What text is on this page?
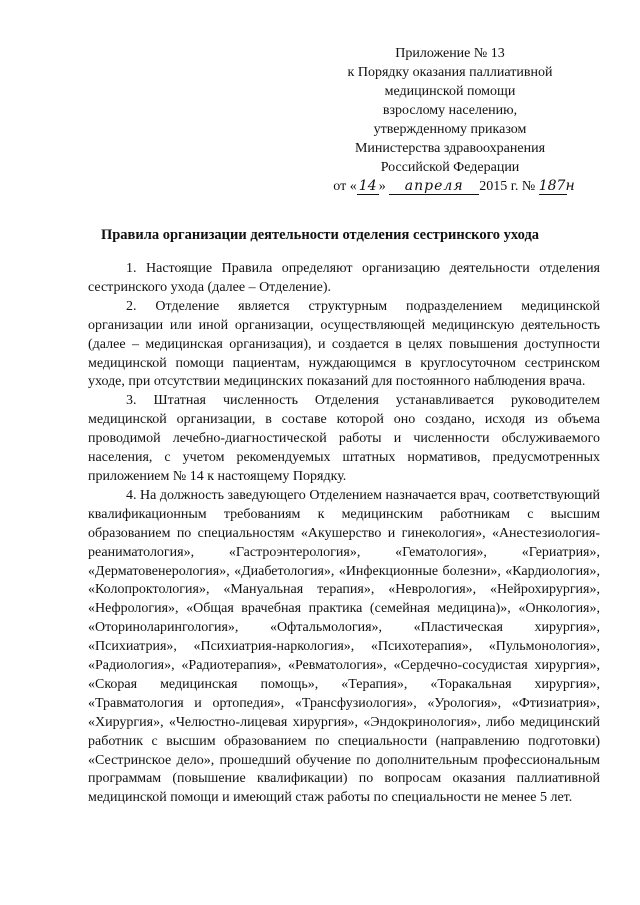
Приложение № 13
к Порядку оказания паллиативной
медицинской помощи
взрослому населению,
утвержденному приказом
Министерства здравоохранения
Российской Федерации
от « 14 » апреля 2015 г. № 187н
Правила организации деятельности отделения сестринского ухода

1. Настоящие Правила определяют организацию деятельности отделения сестринского ухода (далее – Отделение).

2. Отделение является структурным подразделением медицинской организации или иной организации, осуществляющей медицинскую деятельность (далее – медицинская организация), и создается в целях повышения доступности медицинской помощи пациентам, нуждающимся в круглосуточном сестринском уходе, при отсутствии медицинских показаний для постоянного наблюдения врача.

3. Штатная численность Отделения устанавливается руководителем медицинской организации, в составе которой оно создано, исходя из объема проводимой лечебно-диагностической работы и численности обслуживаемого населения, с учетом рекомендуемых штатных нормативов, предусмотренных приложением № 14 к настоящему Порядку.

4. На должность заведующего Отделением назначается врач, соответствующий квалификационным требованиям к медицинским работникам с высшим образованием по специальностям «Акушерство и гинекология», «Анестезиология-реаниматология», «Гастроэнтерология», «Гематология», «Гериатрия», «Дерматовенерология», «Диабетология», «Инфекционные болезни», «Кардиология», «Колопроктология», «Мануальная терапия», «Неврология», «Нейрохирургия», «Нефрология», «Общая врачебная практика (семейная медицина)», «Онкология», «Оториноларингология», «Офтальмология», «Пластическая хирургия», «Психиатрия», «Психиатрия-наркология», «Психотерапия», «Пульмонология», «Радиология», «Радиотерапия», «Ревматология», «Сердечно-сосудистая хирургия», «Скорая медицинская помощь», «Терапия», «Торакальная хирургия», «Травматология и ортопедия», «Трансфузиология», «Урология», «Фтизиатрия», «Хирургия», «Челюстно-лицевая хирургия», «Эндокринология», либо медицинский работник с высшим образованием по специальности (направлению подготовки) «Сестринское дело», прошедший обучение по дополнительным профессиональным программам (повышение квалификации) по вопросам оказания паллиативной медицинской помощи и имеющий стаж работы по специальности не менее 5 лет.
